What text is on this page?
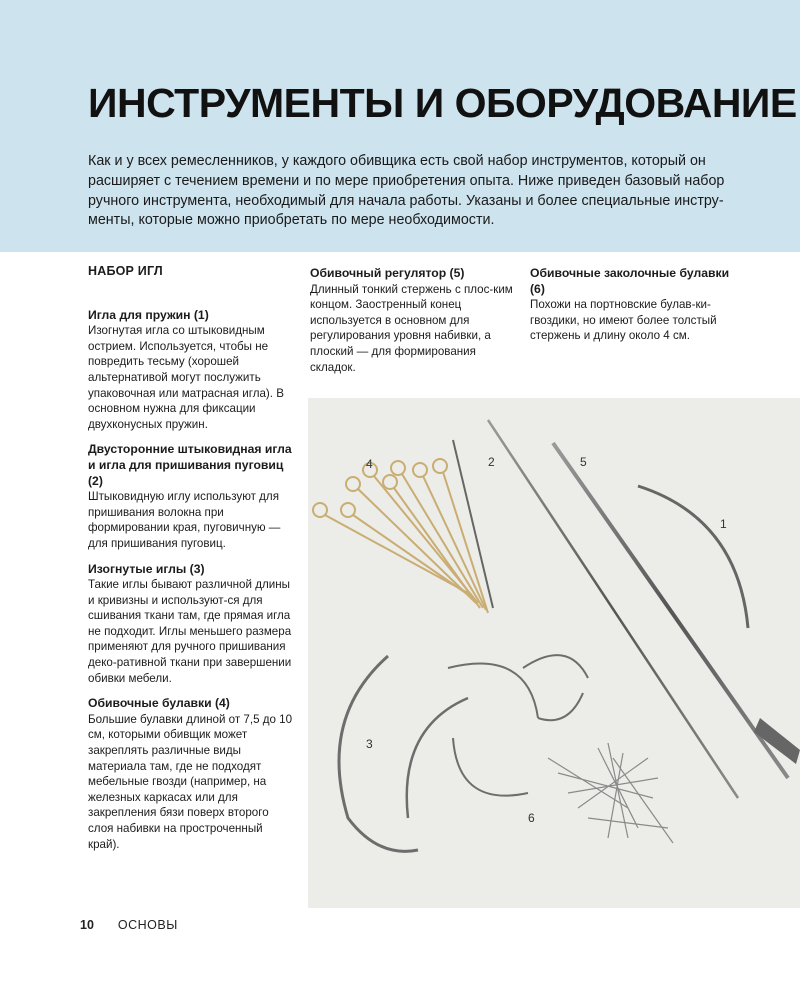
ИНСТРУМЕНТЫ И ОБОРУДОВАНИЕ

Как и у всех ремесленников, у каждого обивщика есть свой набор инструментов, который он расширяет с течением времени и по мере приобретения опыта. Ниже приведен базовый набор ручного инструмента, необходимый для начала работы. Указаны и более специальные инстру-менты, которые можно приобретать по мере необходимости.

НАБОР ИГЛ
Игла для пружин (1)
Изогнутая игла со штыковидным острием. Используется, чтобы не повредить тесьму (хорошей альтернативой могут послужить упаковочная или матрасная игла). В основном нужна для фиксации двухконусных пружин.
Двусторонние штыковидная игла и игла для пришивания пуговиц (2)
Штыковидную иглу используют для пришивания волокна при формировании края, пуговичную — для пришивания пуговиц.
Изогнутые иглы (3)
Такие иглы бывают различной длины и кривизны и используют-ся для сшивания ткани там, где прямая игла не подходит. Иглы меньшего размера применяют для ручного пришивания деко-ративной ткани при завершении обивки мебели.
Обивочные булавки (4)
Большие булавки длиной от 7,5 до 10 см, которыми обивщик может закреплять различные виды материала там, где не подходят мебельные гвозди (например, на железных каркасах или для закрепления бязи поверх второго слоя набивки на простроченный край).
Обивочный регулятор (5)
Длинный тонкий стержень с плос-ким концом. Заостренный конец используется в основном для регулирования уровня набивки, а плоский — для формирования складок.
Обивочные заколочные булавки (6)
Похожи на портновские булав-ки-гвоздики, но имеют более толстый стержень и длину около 4 см.
4	2	5
1
3
6
10 ОСНОВЫ
